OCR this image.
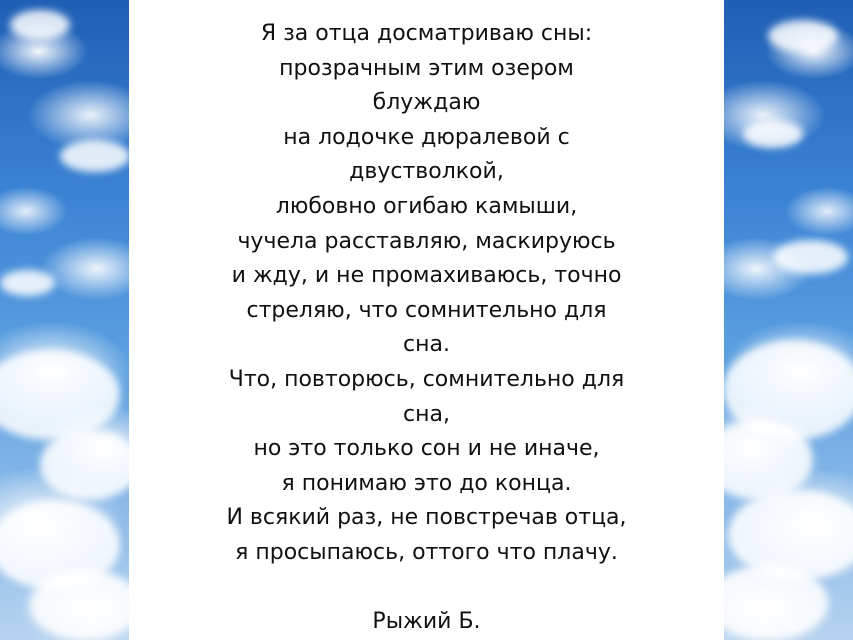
Я за отца досматриваю сны:
прозрачным этим озером
блуждаю
на лодочке дюралевой с
двустволкой,
любовно огибаю камыши,
чучела расставляю, маскируюсь
и жду, и не промахиваюсь, точно
стреляю, что сомнительно для
сна.
Что, повторюсь, сомнительно для
сна,
но это только сон и не иначе,
я понимаю это до конца.
И всякий раз, не повстречав отца,
я просыпаюсь, оттого что плачу.
Рыжий Б.
